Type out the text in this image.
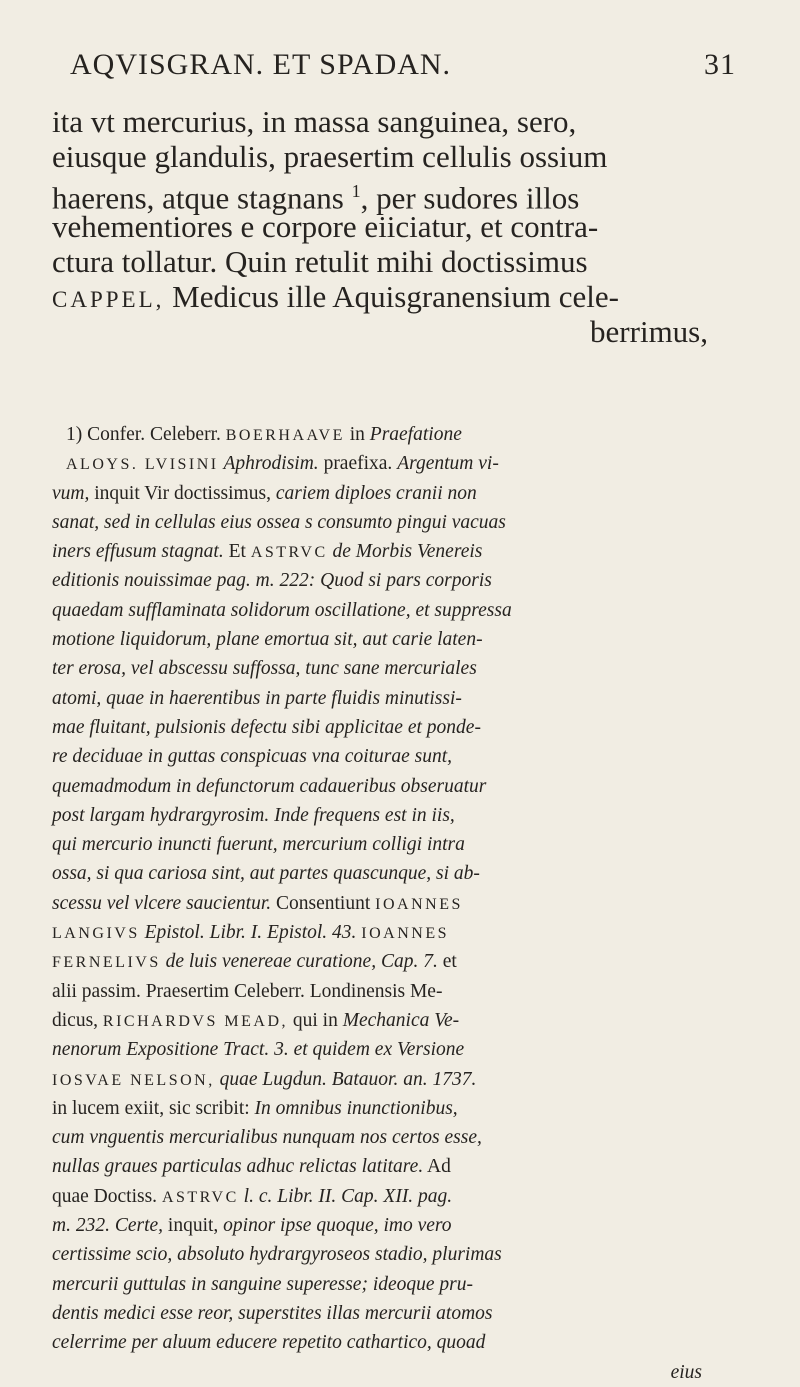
AQVISGRAN. ET SPADAN.	31
ita vt mercurius, in massa sanguinea, sero,
eiusque glandulis, praesertim cellulis ossium
haerens, atque stagnans $^1$, per sudores illos
vehementiores e corpore eiiciatur, et contra-
ctura tollatur. Quin retulit mihi doctissimus
CAPPEL, Medicus ille Aquisgranensium cele-
berrimus,
1) Confer. Celeberr. BOERHAAVE in Praefatione
ALOYS. LVISINI Aphrodisim. praefixa. Argentum vi-
vum, inquit Vir doctissimus, cariem diploes cranii non
sanat, sed in cellulas eius ossea s consumto pingui vacuas
iners effusum stagnat. Et ASTRVC de Morbis Venereis
editionis nouissimae pag. m. 222: Quod si pars corporis
quaedam sufflaminata solidorum oscillatione, et suppressa
motione liquidorum, plane emortua sit, aut carie laten-
ter erosa, vel abscessu suffossa, tunc sane mercuriales
atomi, quae in haerentibus in parte fluidis minutissi-
mae fluitant, pulsionis defectu sibi applicitae et ponde-
re deciduae in guttas conspicuas vna coiturae sunt,
quemadmodum in defunctorum cadaueribus obseruatur
post largam hydrargyrosim. Inde frequens est in iis,
qui mercurio inuncti fuerunt, mercurium colligi intra
ossa, si qua cariosa sint, aut partes quascunque, si ab-
scessu vel vlcere saucientur. Consentiunt IOANNES
LANGIVS Epistol. Libr. I. Epistol. 43. IOANNES
FERNELIVS de luis venereae curatione, Cap. 7. et
alii passim. Praesertim Celeberr. Londinensis Me-
dicus, RICHARDVS MEAD, qui in Mechanica Ve-
nenorum Expositione Tract. 3. et quidem ex Versione
IOSVAE NELSON, quae Lugdun. Batauor. an. 1737.
in lucem exiit, sic scribit: In omnibus inunctionibus,
cum vnguentis mercurialibus nunquam nos certos esse,
nullas graues particulas adhuc relictas latitare. Ad
quae Doctiss. ASTRVC l. c. Libr. II. Cap. XII. pag.
m. 232. Certe, inquit, opinor ipse quoque, imo vero
certissime scio, absoluto hydrargyroseos stadio, plurimas
mercurii guttulas in sanguine superesse; ideoque pru-
dentis medici esse reor, superstites illas mercurii atomos
celerrime per aluum educere repetito cathartico, quoad
eius
